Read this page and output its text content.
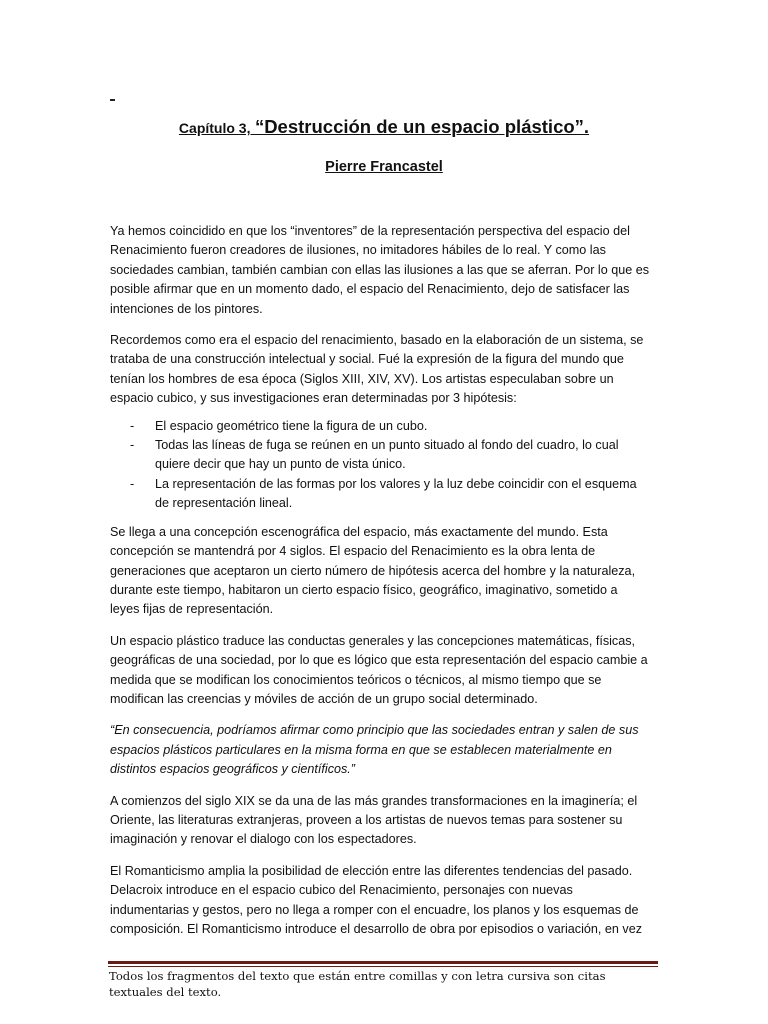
Capítulo 3, “Destrucción de un espacio plástico”.
Pierre Francastel

Ya hemos coincidido en que los “inventores” de la representación perspectiva del espacio del
Renacimiento fueron creadores de ilusiones, no imitadores hábiles de lo real. Y como las
sociedades cambian, también cambian con ellas las ilusiones a las que se aferran. Por lo que es
posible afirmar que en un momento dado, el espacio del Renacimiento, dejo de satisfacer las
intenciones de los pintores.

Recordemos como era el espacio del renacimiento, basado en la elaboración de un sistema, se
trataba de una construcción intelectual y social. Fué la expresión de la figura del mundo que
tenían los hombres de esa época (Siglos XIII, XIV, XV). Los artistas especulaban sobre un
espacio cubico, y sus investigaciones eran determinadas por 3 hipótesis:

- El espacio geométrico tiene la figura de un cubo.
- Todas las líneas de fuga se reúnen en un punto situado al fondo del cuadro, lo cual
quiere decir que hay un punto de vista único.
- La representación de las formas por los valores y la luz debe coincidir con el esquema
de representación lineal.

Se llega a una concepción escenográfica del espacio, más exactamente del mundo. Esta
concepción se mantendrá por 4 siglos. El espacio del Renacimiento es la obra lenta de
generaciones que aceptaron un cierto número de hipótesis acerca del hombre y la naturaleza,
durante este tiempo, habitaron un cierto espacio físico, geográfico, imaginativo, sometido a
leyes fijas de representación.

Un espacio plástico traduce las conductas generales y las concepciones matemáticas, físicas,
geográficas de una sociedad, por lo que es lógico que esta representación del espacio cambie a
medida que se modifican los conocimientos teóricos o técnicos, al mismo tiempo que se
modifican las creencias y móviles de acción de un grupo social determinado.

“En consecuencia, podríamos afirmar como principio que las sociedades entran y salen de sus
espacios plásticos particulares en la misma forma en que se establecen materialmente en
distintos espacios geográficos y científicos.”

A comienzos del siglo XIX se da una de las más grandes transformaciones en la imaginería; el
Oriente, las literaturas extranjeras, proveen a los artistas de nuevos temas para sostener su
imaginación y renovar el dialogo con los espectadores.

El Romanticismo amplia la posibilidad de elección entre las diferentes tendencias del pasado.
Delacroix introduce en el espacio cubico del Renacimiento, personajes con nuevas
indumentarias y gestos, pero no llega a romper con el encuadre, los planos y los esquemas de
composición. El Romanticismo introduce el desarrollo de obra por episodios o variación, en vez

Todos los fragmentos del texto que están entre comillas y con letra cursiva son citas
textuales del texto.
